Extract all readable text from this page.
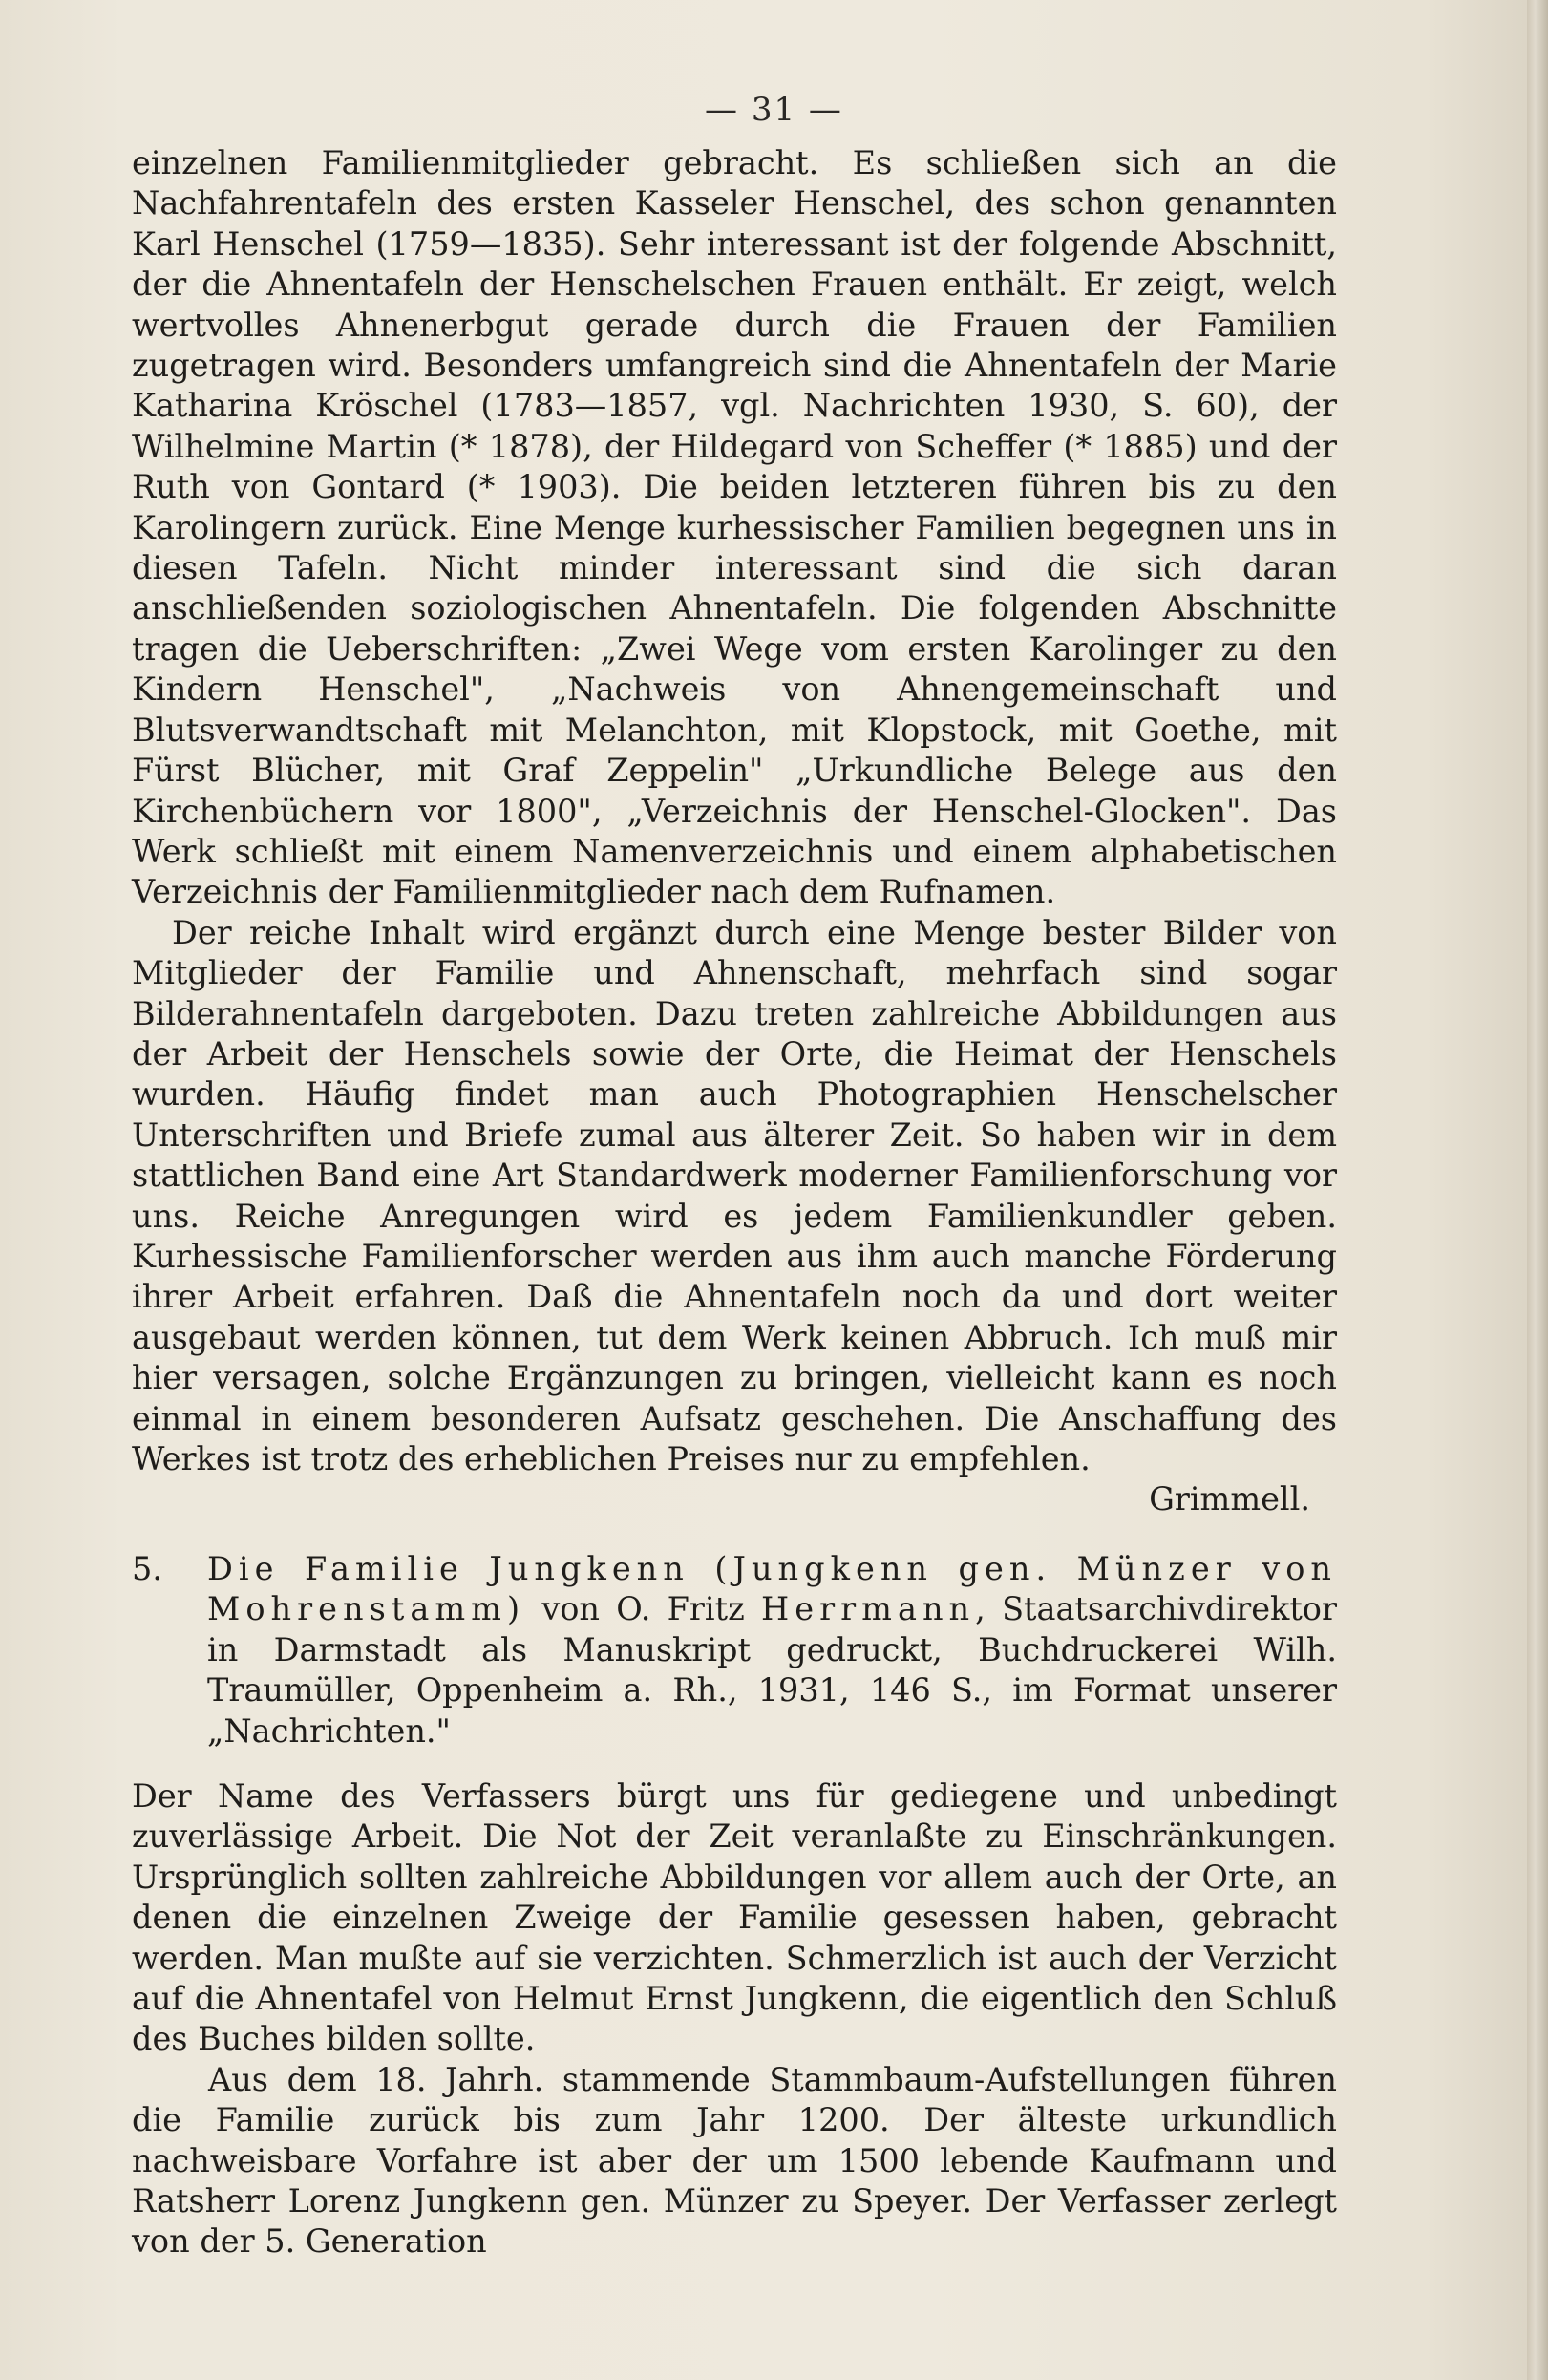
— 31 —

einzelnen Familienmitglieder gebracht. Es schließen sich an die Nachfahrentafeln des ersten Kasseler Henschel, des schon genannten Karl Henschel (1759—1835). Sehr interessant ist der folgende Abschnitt, der die Ahnentafeln der Henschelschen Frauen enthält. Er zeigt, welch wertvolles Ahnenerbgut gerade durch die Frauen der Familien zugetragen wird. Besonders umfangreich sind die Ahnentafeln der Marie Katharina Kröschel (1783—1857, vgl. Nachrichten 1930, S. 60), der Wilhelmine Martin (* 1878), der Hildegard von Scheffer (* 1885) und der Ruth von Gontard (* 1903). Die beiden letzteren führen bis zu den Karolingern zurück. Eine Menge kurhessischer Familien begegnen uns in diesen Tafeln. Nicht minder interessant sind die sich daran anschließenden soziologischen Ahnentafeln. Die folgenden Abschnitte tragen die Ueberschriften: „Zwei Wege vom ersten Karolinger zu den Kindern Henschel", „Nachweis von Ahnengemeinschaft und Blutsverwandtschaft mit Melanchton, mit Klopstock, mit Goethe, mit Fürst Blücher, mit Graf Zeppelin" „Urkundliche Belege aus den Kirchenbüchern vor 1800", „Verzeichnis der Henschel-Glocken". Das Werk schließt mit einem Namenverzeichnis und einem alphabetischen Verzeichnis der Familienmitglieder nach dem Rufnamen.

Der reiche Inhalt wird ergänzt durch eine Menge bester Bilder von Mitglieder der Familie und Ahnenschaft, mehrfach sind sogar Bilderahnentafeln dargeboten. Dazu treten zahlreiche Abbildungen aus der Arbeit der Henschels sowie der Orte, die Heimat der Henschels wurden. Häufig findet man auch Photographien Henschelscher Unterschriften und Briefe zumal aus älterer Zeit. So haben wir in dem stattlichen Band eine Art Standardwerk moderner Familienforschung vor uns. Reiche Anregungen wird es jedem Familienkundler geben. Kurhessische Familienforscher werden aus ihm auch manche Förderung ihrer Arbeit erfahren. Daß die Ahnentafeln noch da und dort weiter ausgebaut werden können, tut dem Werk keinen Abbruch. Ich muß mir hier versagen, solche Ergänzungen zu bringen, vielleicht kann es noch einmal in einem besonderen Aufsatz geschehen. Die Anschaffung des Werkes ist trotz des erheblichen Preises nur zu empfehlen.

Grimmell.

5. Die Familie Jungkenn (Jungkenn gen. Münzer von Mohrenstamm) von O. Fritz Herrmann, Staatsarchivdirektor in Darmstadt als Manuskript gedruckt, Buchdruckerei Wilh. Traumüller, Oppenheim a. Rh., 1931, 146 S., im Format unserer „Nachrichten."

Der Name des Verfassers bürgt uns für gediegene und unbedingt zuverlässige Arbeit. Die Not der Zeit veranlaßte zu Einschränkungen. Ursprünglich sollten zahlreiche Abbildungen vor allem auch der Orte, an denen die einzelnen Zweige der Familie gesessen haben, gebracht werden. Man mußte auf sie verzichten. Schmerzlich ist auch der Verzicht auf die Ahnentafel von Helmut Ernst Jungkenn, die eigentlich den Schluß des Buches bilden sollte.

Aus dem 18. Jahrh. stammende Stammbaum-Aufstellungen führen die Familie zurück bis zum Jahr 1200. Der älteste urkundlich nachweisbare Vorfahre ist aber der um 1500 lebende Kaufmann und Ratsherr Lorenz Jungkenn gen. Münzer zu Speyer. Der Verfasser zerlegt von der 5. Generation
